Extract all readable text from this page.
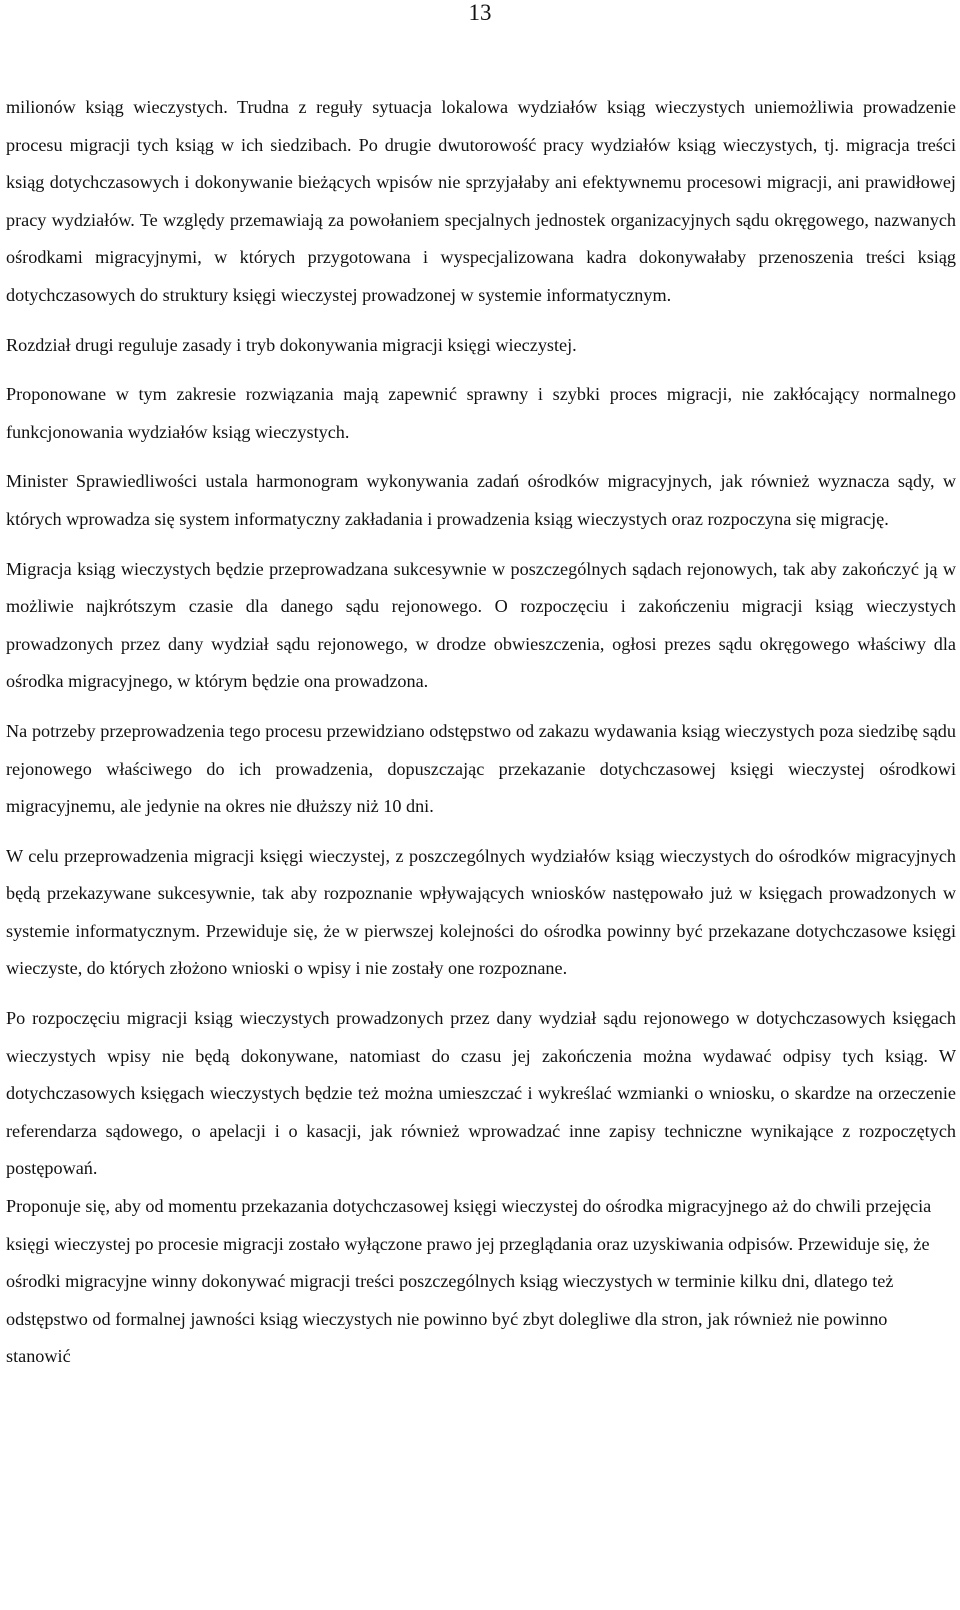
13

milionów ksiąg wieczystych. Trudna z reguły sytuacja lokalowa wydziałów ksiąg wieczystych uniemożliwia prowadzenie procesu migracji tych ksiąg w ich siedzibach. Po drugie dwutorowość pracy wydziałów ksiąg wieczystych, tj. migracja treści ksiąg dotychczasowych i dokonywanie bieżących wpisów nie sprzyjałaby ani efektywnemu procesowi migracji, ani prawidłowej pracy wydziałów. Te względy przemawiają za powołaniem specjalnych jednostek organizacyjnych sądu okręgowego, nazwanych ośrodkami migracyjnymi, w których przygotowana i wyspecjalizowana kadra dokonywałaby przenoszenia treści ksiąg dotychczasowych do struktury księgi wieczystej prowadzonej w systemie informatycznym.

Rozdział drugi reguluje zasady i tryb dokonywania migracji księgi wieczystej.

Proponowane w tym zakresie rozwiązania mają zapewnić sprawny i szybki proces migracji, nie zakłócający normalnego funkcjonowania wydziałów ksiąg wieczystych.

Minister Sprawiedliwości ustala harmonogram wykonywania zadań ośrodków migracyjnych, jak również wyznacza sądy, w których wprowadza się system informatyczny zakładania i prowadzenia ksiąg wieczystych oraz rozpoczyna się migrację.

Migracja ksiąg wieczystych będzie przeprowadzana sukcesywnie w poszczególnych sądach rejonowych, tak aby zakończyć ją w możliwie najkrótszym czasie dla danego sądu rejonowego. O rozpoczęciu i zakończeniu migracji ksiąg wieczystych prowadzonych przez dany wydział sądu rejonowego, w drodze obwieszczenia, ogłosi prezes sądu okręgowego właściwy dla ośrodka migracyjnego, w którym będzie ona prowadzona.

Na potrzeby przeprowadzenia tego procesu przewidziano odstępstwo od zakazu wydawania ksiąg wieczystych poza siedzibę sądu rejonowego właściwego do ich prowadzenia, dopuszczając przekazanie dotychczasowej księgi wieczystej ośrodkowi migracyjnemu, ale jedynie na okres nie dłuższy niż 10 dni.

W celu przeprowadzenia migracji księgi wieczystej, z poszczególnych wydziałów ksiąg wieczystych do ośrodków migracyjnych będą przekazywane sukcesywnie, tak aby rozpoznanie wpływających wniosków następowało już w księgach prowadzonych w systemie informatycznym. Przewiduje się, że w pierwszej kolejności do ośrodka powinny być przekazane dotychczasowe księgi wieczyste, do których złożono wnioski o wpisy i nie zostały one rozpoznane.

Po rozpoczęciu migracji ksiąg wieczystych prowadzonych przez dany wydział sądu rejonowego w dotychczasowych księgach wieczystych wpisy nie będą dokonywane, natomiast do czasu jej zakończenia można wydawać odpisy tych ksiąg. W dotychczasowych księgach wieczystych będzie też można umieszczać i wykreślać wzmianki o wniosku, o skardze na orzeczenie referendarza sądowego, o apelacji i o kasacji, jak również wprowadzać inne zapisy techniczne wynikające z rozpoczętych postępowań.

Proponuje się, aby od momentu przekazania dotychczasowej księgi wieczystej do ośrodka migracyjnego aż do chwili przejęcia księgi wieczystej po procesie migracji zostało wyłączone prawo jej przeglądania oraz uzyskiwania odpisów. Przewiduje się, że ośrodki migracyjne winny dokonywać migracji treści poszczególnych ksiąg wieczystych w terminie kilku dni, dlatego też odstępstwo od formalnej jawności ksiąg wieczystych nie powinno być zbyt dolegliwe dla stron, jak również nie powinno stanowić
